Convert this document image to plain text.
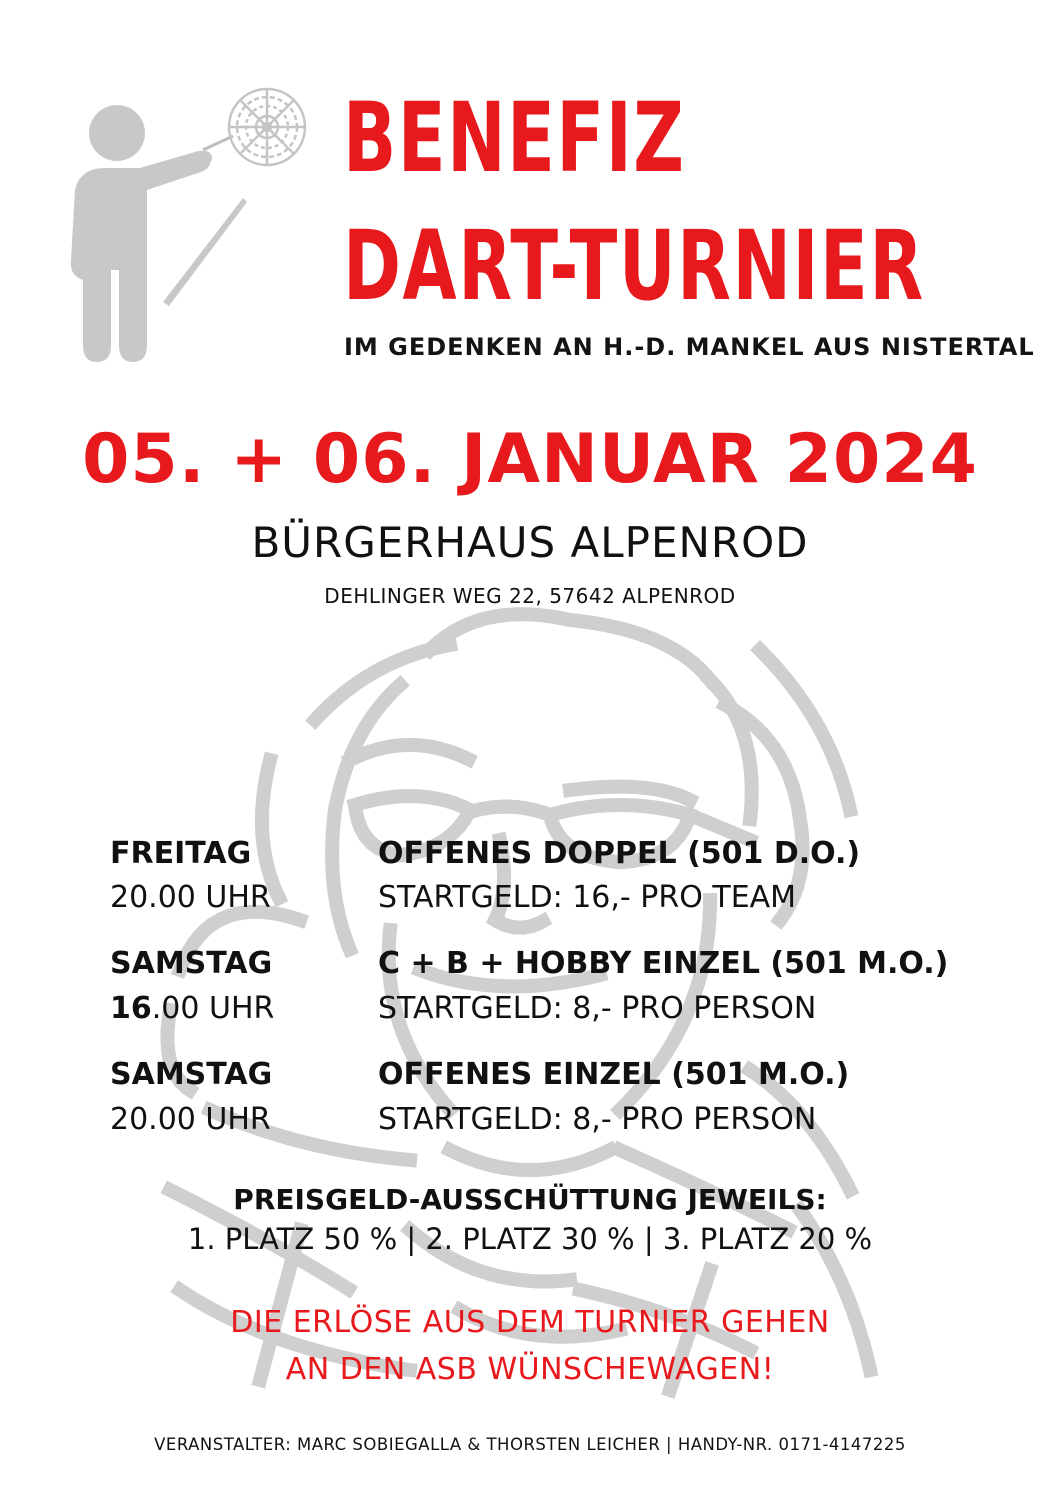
BENEFIZ
DART-TURNIER
IM GEDENKEN AN H.-D. MANKEL AUS NISTERTAL
05. + 06. JANUAR 2024
BÜRGERHAUS ALPENROD
DEHLINGER WEG 22, 57642 ALPENROD
FREITAG
20.00 UHR
OFFENES DOPPEL (501 D.O.)
STARTGELD: 16,- PRO TEAM
SAMSTAG
16.00 UHR
C + B + HOBBY EINZEL (501 M.O.)
STARTGELD: 8,- PRO PERSON
SAMSTAG
20.00 UHR
OFFENES EINZEL (501 M.O.)
STARTGELD: 8,- PRO PERSON
PREISGELD-AUSSCHÜTTUNG JEWEILS:
1. PLATZ 50 % | 2. PLATZ 30 % | 3. PLATZ 20 %
DIE ERLÖSE AUS DEM TURNIER GEHEN
AN DEN ASB WÜNSCHEWAGEN!
VERANSTALTER: MARC SOBIEGALLA & THORSTEN LEICHER | HANDY-NR. 0171-4147225
